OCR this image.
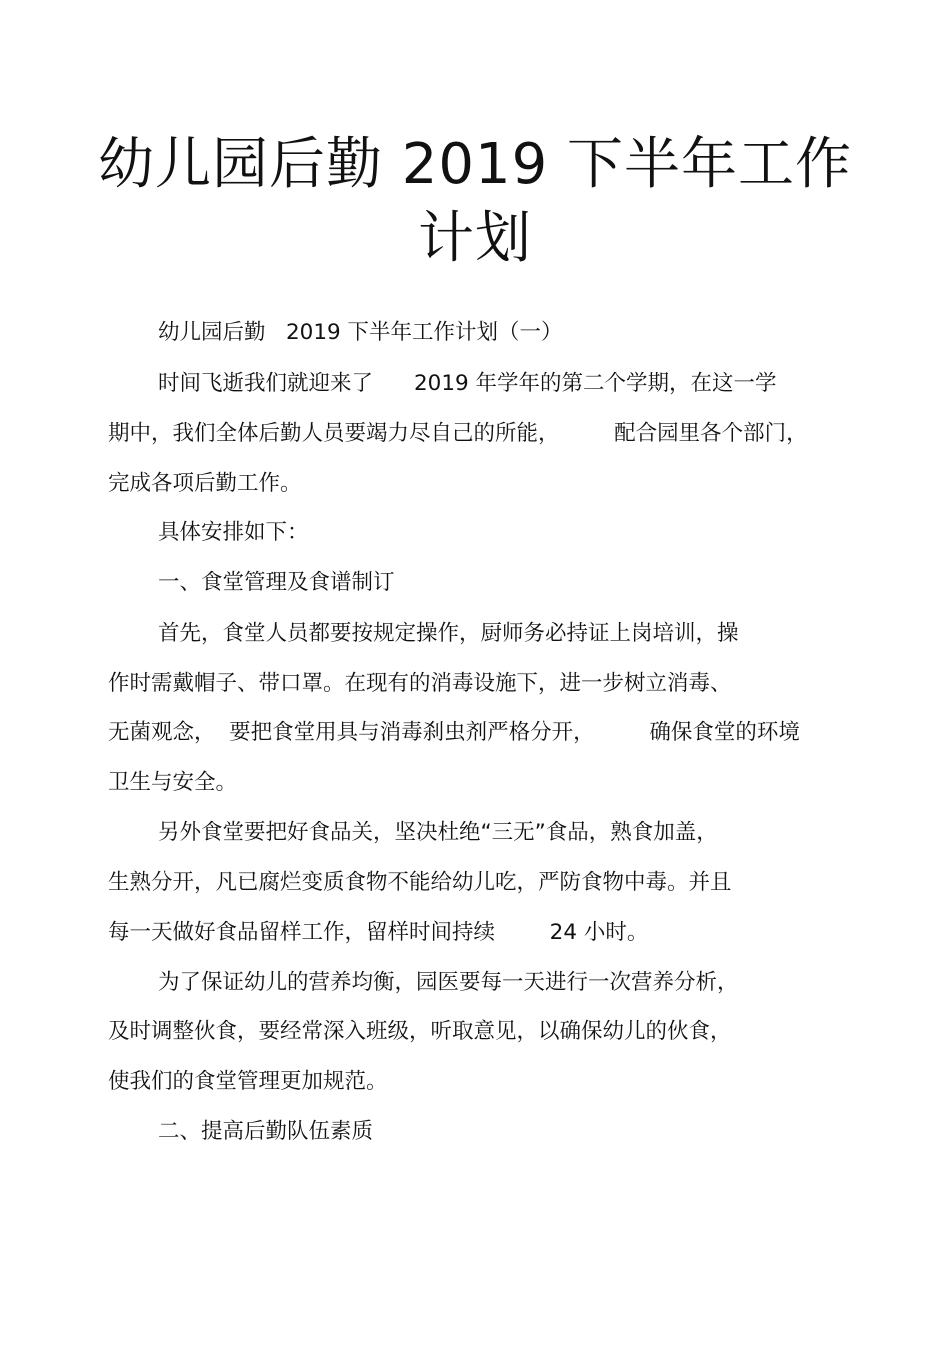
幼儿园后勤 2019 下半年工作
计划

幼儿园后勤   2019 下半年工作计划（一）

时间飞逝我们就迎来了      2019 年学年的第二个学期，在这一学

期中，我们全体后勤人员要竭力尽自己的所能，        配合园里各个部门，

完成各项后勤工作。

具体安排如下：

一、食堂管理及食谱制订

首先，食堂人员都要按规定操作，厨师务必持证上岗培训，操

作时需戴帽子、带口罩。在现有的消毒设施下，进一步树立消毒、

无菌观念，  要把食堂用具与消毒刹虫剂严格分开，        确保食堂的环境

卫生与安全。

另外食堂要把好食品关，坚决杜绝“三无”食品，熟食加盖，

生熟分开，凡已腐烂变质食物不能给幼儿吃，严防食物中毒。并且

每一天做好食品留样工作，留样时间持续        24 小时。

为了保证幼儿的营养均衡，园医要每一天进行一次营养分析，

及时调整伙食，要经常深入班级，听取意见，以确保幼儿的伙食，

使我们的食堂管理更加规范。

二、提高后勤队伍素质
